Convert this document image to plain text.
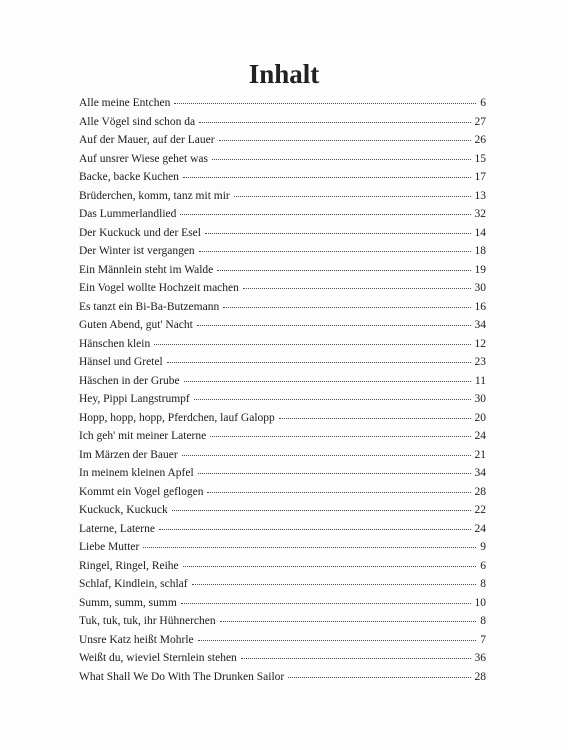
Inhalt
Alle meine Entchen	6
Alle Vögel sind schon da	27
Auf der Mauer, auf der Lauer	26
Auf unsrer Wiese gehet was	15
Backe, backe Kuchen	17
Brüderchen, komm, tanz mit mir	13
Das Lummerlandlied	32
Der Kuckuck und der Esel	14
Der Winter ist vergangen	18
Ein Männlein steht im Walde	19
Ein Vogel wollte Hochzeit machen	30
Es tanzt ein Bi-Ba-Butzemann	16
Guten Abend, gut' Nacht	34
Hänschen klein	12
Hänsel und Gretel	23
Häschen in der Grube	11
Hey, Pippi Langstrumpf	30
Hopp, hopp, hopp, Pferdchen, lauf Galopp	20
Ich geh' mit meiner Laterne	24
Im Märzen der Bauer	21
In meinem kleinen Apfel	34
Kommt ein Vogel geflogen	28
Kuckuck, Kuckuck	22
Laterne, Laterne	24
Liebe Mutter	9
Ringel, Ringel, Reihe	6
Schlaf, Kindlein, schlaf	8
Summ, summ, summ	10
Tuk, tuk, tuk, ihr Hühnerchen	8
Unsre Katz heißt Mohrle	7
Weißt du, wieviel Sternlein stehen	36
What Shall We Do With The Drunken Sailor	28
